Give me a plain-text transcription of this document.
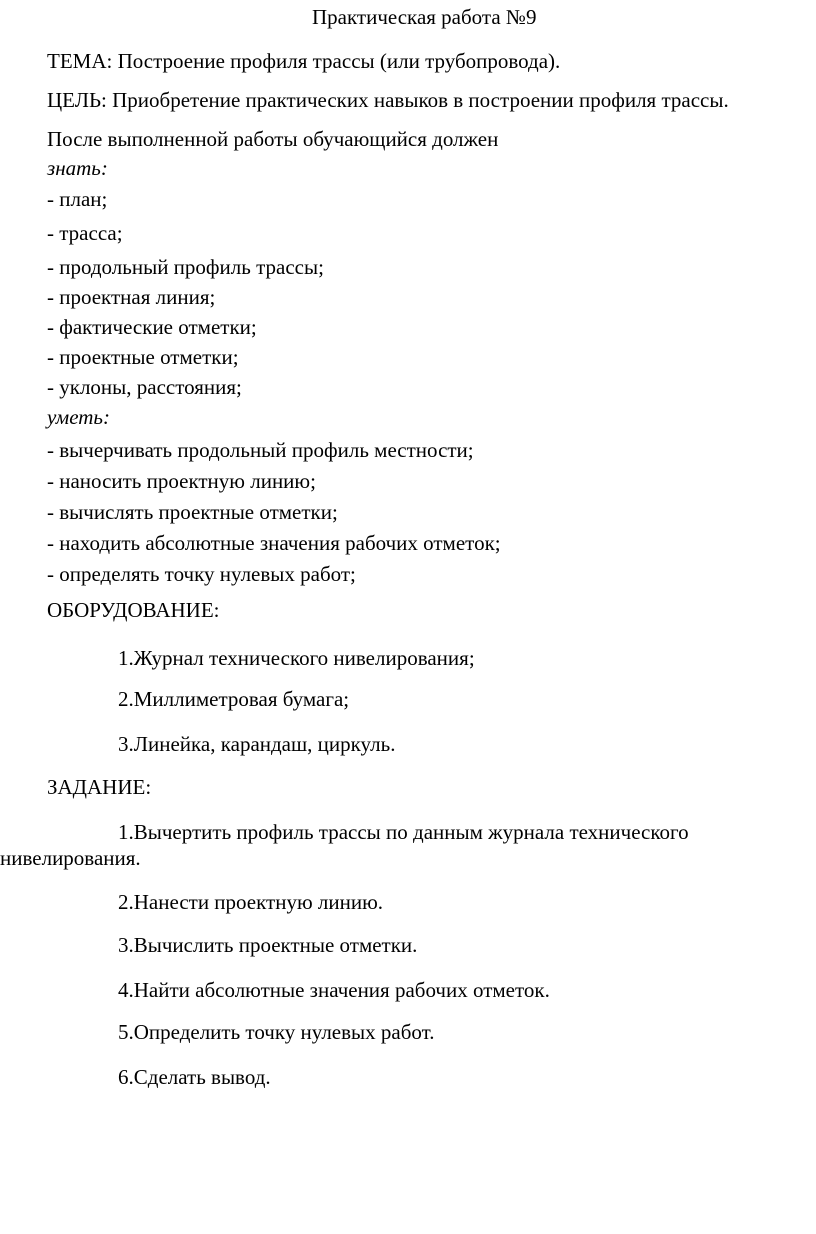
Практическая работа №9
ТЕМА: Построение профиля трассы (или трубопровода).
ЦЕЛЬ: Приобретение практических навыков в построении профиля трассы.
После выполненной работы обучающийся должен
знать:
- план;
- трасса;
- продольный профиль трассы;
- проектная линия;
- фактические отметки;
- проектные отметки;
- уклоны, расстояния;
уметь:
- вычерчивать продольный профиль местности;
- наносить проектную линию;
- вычислять проектные отметки;
- находить абсолютные значения рабочих отметок;
- определять точку нулевых работ;
ОБОРУДОВАНИЕ:
1.Журнал технического нивелирования;
2.Миллиметровая бумага;
3.Линейка, карандаш, циркуль.
ЗАДАНИЕ:
1.Вычертить профиль трассы по данным журнала технического
нивелирования.
2.Нанести проектную линию.
3.Вычислить проектные отметки.
4.Найти абсолютные значения рабочих отметок.
5.Определить точку нулевых работ.
6.Сделать вывод.
